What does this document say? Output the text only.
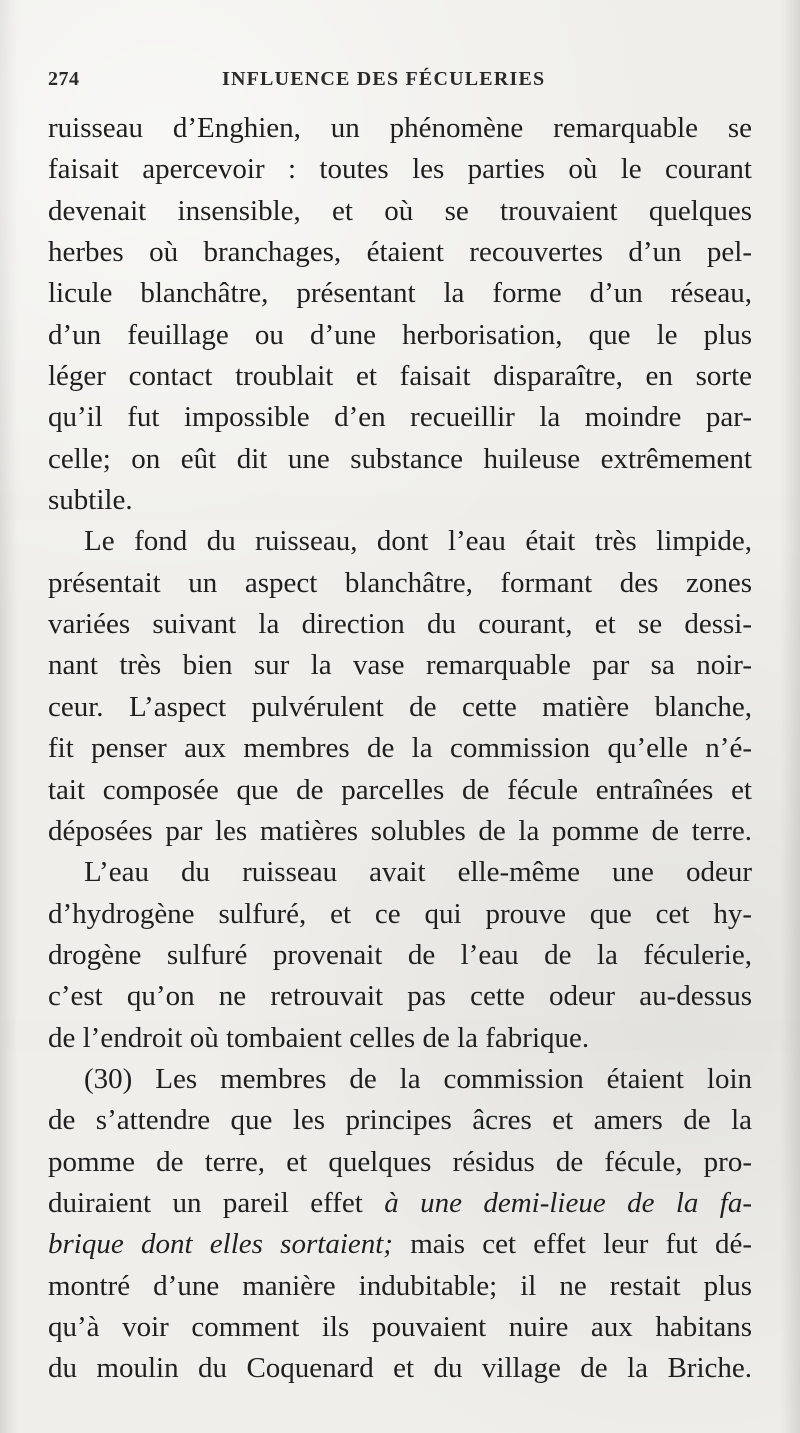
274	INFLUENCE DES FÉCULERIES
ruisseau d’Enghien, un phénomène remarquable se
faisait apercevoir : toutes les parties où le courant
devenait insensible, et où se trouvaient quelques
herbes où branchages, étaient recouvertes d’un pel-
licule blanchâtre, présentant la forme d’un réseau,
d’un feuillage ou d’une herborisation, que le plus
léger contact troublait et faisait disparaître, en sorte
qu’il fut impossible d’en recueillir la moindre par-
celle; on eût dit une substance huileuse extrêmement
subtile.
Le fond du ruisseau, dont l’eau était très limpide,
présentait un aspect blanchâtre, formant des zones
variées suivant la direction du courant, et se dessi-
nant très bien sur la vase remarquable par sa noir-
ceur. L’aspect pulvérulent de cette matière blanche,
fit penser aux membres de la commission qu’elle n’é-
tait composée que de parcelles de fécule entraînées et
déposées par les matières solubles de la pomme de terre.
L’eau du ruisseau avait elle-même une odeur
d’hydrogène sulfuré, et ce qui prouve que cet hy-
drogène sulfuré provenait de l’eau de la féculerie,
c’est qu’on ne retrouvait pas cette odeur au-dessus
de l’endroit où tombaient celles de la fabrique.
(30) Les membres de la commission étaient loin
de s’attendre que les principes âcres et amers de la
pomme de terre, et quelques résidus de fécule, pro-
duiraient un pareil effet à une demi-lieue de la fa-
brique dont elles sortaient; mais cet effet leur fut dé-
montré d’une manière indubitable; il ne restait plus
qu’à voir comment ils pouvaient nuire aux habitans
du moulin du Coquenard et du village de la Briche.
